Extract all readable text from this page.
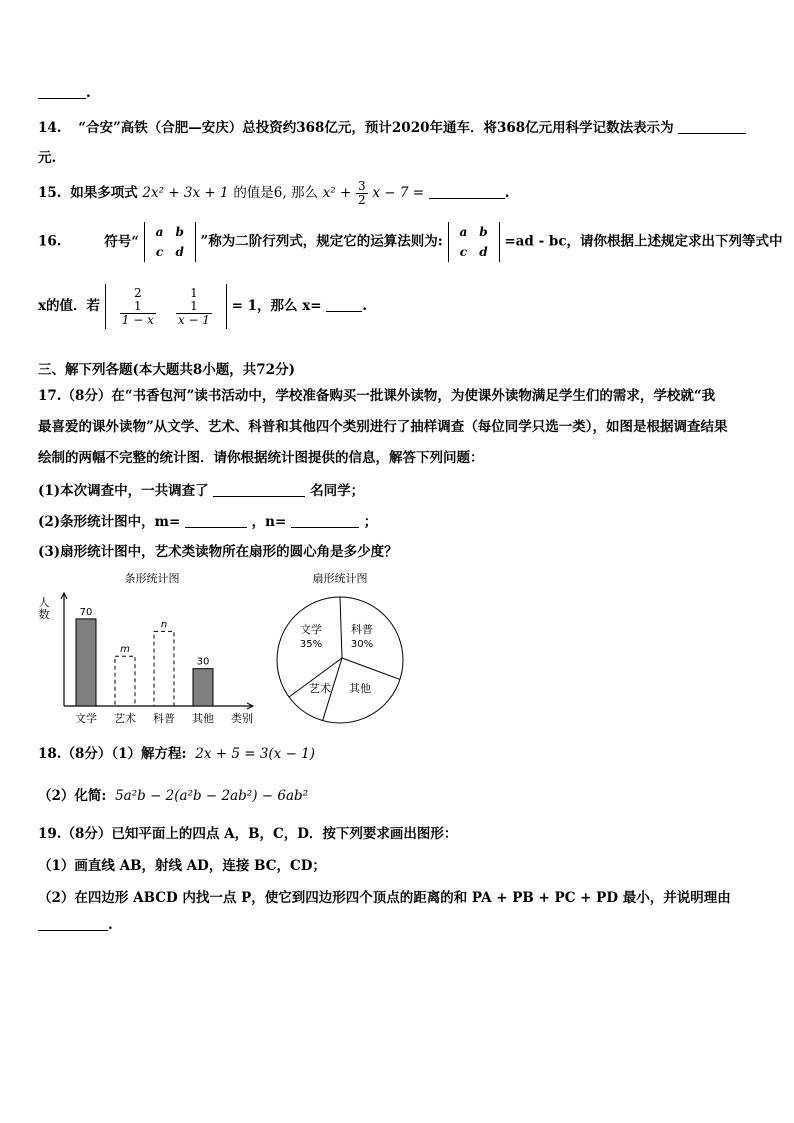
.
14. “合安”高铁（合肥—安庆）总投资约368亿元，预计2020年通车．将368亿元用科学记数法表示为
元.
15. 如果多项式 2x² + 3x + 1 的值是6, 那么 $x^2 + \frac{3}{2}$ x − 7 =	.
16.	符号“
a	b
c	d
”称为二阶行列式，规定它的运算法则为:
a	b
c	d
=ad - bc，请你根据上述规定求出下列等式中
x的值．若
2	1

$\frac{1}{1 - x}$	$\frac{1}{x - 1} = 1$，那么 x=	.
三、解下列各题(本大题共8小题，共72分)
17.（8分）在“书香包河”读书活动中，学校准备购买一批课外读物，为使课外读物满足学生们的需求，学校就“我
最喜爱的课外读物”从文学、艺术、科普和其他四个类别进行了抽样调查（每位同学只选一类），如图是根据调查结果
绘制的两幅不完整的统计图．请你根据统计图提供的信息，解答下列问题：
(1)本次调查中，一共调查了	名同学；
(2)条形统计图中，m=	，n=	；
(3)扇形统计图中，艺术类读物所在扇形的圆心角是多少度？
条形统计图
人
数
类别
70
文学
m
艺术
n
科普
30
其他
扇形统计图
文学
35%
科普
30%
其他
艺术
18.（8分）（1）解方程: 2x + 5 = 3(x − 1)
（2）化简: 5a²b − 2(a²b − 2ab²) − 6ab²
19.（8分）已知平面上的四点 A，B，C，D．按下列要求画出图形：
（1）画直线 AB，射线 AD，连接 BC，CD；
（2）在四边形 ABCD 内找一点 P，使它到四边形四个顶点的距离的和 PA + PB + PC + PD 最小，并说明理由
.
